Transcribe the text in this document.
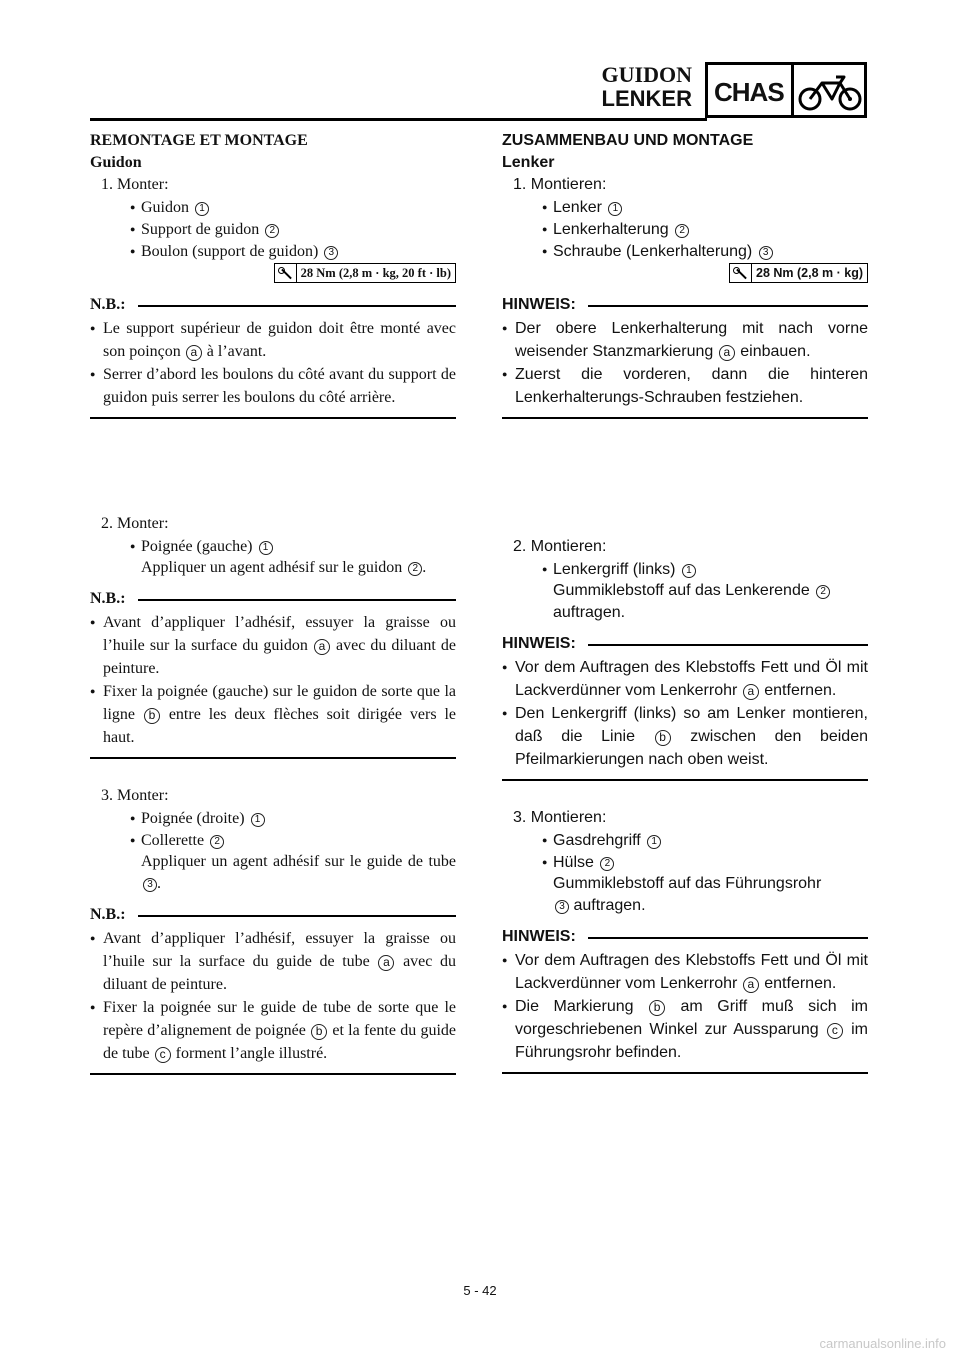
GUIDON
LENKER CHAS
REMONTAGE ET MONTAGE
Guidon
1. Monter:
● Guidon 1
● Support de guidon 2
● Boulon (support de guidon) 3
28 Nm (2,8 m · kg, 20 ft · lb)
N.B.:
● Le support supérieur de guidon doit être monté avec son poinçon a à l’avant.
● Serrer d’abord les boulons du côté avant du support de guidon puis serrer les boulons du côté arrière.
2. Monter:
● Poignée (gauche) 1
Appliquer un agent adhésif sur le guidon 2 .
N.B.:
● Avant d’appliquer l’adhésif, essuyer la graisse ou l’huile sur la surface du guidon a avec du diluant de peinture.
● Fixer la poignée (gauche) sur le guidon de sorte que la ligne b entre les deux flèches soit dirigée vers le haut.
3. Monter:
● Poignée (droite) 1
● Collerette 2
Appliquer un agent adhésif sur le guide de tube 3 .
N.B.:
● Avant d’appliquer l’adhésif, essuyer la graisse ou l’huile sur la surface du guide de tube a avec du diluant de peinture.
● Fixer la poignée sur le guide de tube de sorte que le repère d’alignement de poignée b et la fente du guide de tube c forment l’angle illustré.
ZUSAMMENBAU UND MONTAGE
Lenker
1. Montieren:
● Lenker 1
● Lenkerhalterung 2
● Schraube (Lenkerhalterung) 3
28 Nm (2,8 m · kg)
HINWEIS:
● Der obere Lenkerhalterung mit nach vorne weisender Stanzmarkierung a einbauen.
● Zuerst die vorderen, dann die hinteren Lenkerhalterungs-Schrauben festziehen.
2. Montieren:
● Lenkergriff (links) 1
Gummiklebstoff auf das Lenkerende 2
auftragen.
HINWEIS:
● Vor dem Auftragen des Klebstoffs Fett und Öl mit Lackverdünner vom Lenkerrohr a entfernen.
● Den Lenkergriff (links) so am Lenker montieren, daß die Linie b zwischen den beiden Pfeilmarkierungen nach oben weist.
3. Montieren:
● Gasdrehgriff 1
● Hülse 2
Gummiklebstoff auf das Führungsrohr
3 auftragen.
HINWEIS:
● Vor dem Auftragen des Klebstoffs Fett und Öl mit Lackverdünner vom Lenkerrohr a entfernen.
● Die Markierung b am Griff muß sich im vorgeschriebenen Winkel zur Aussparung c im Führungsrohr befinden.
5 - 42
carmanualsonline.info
